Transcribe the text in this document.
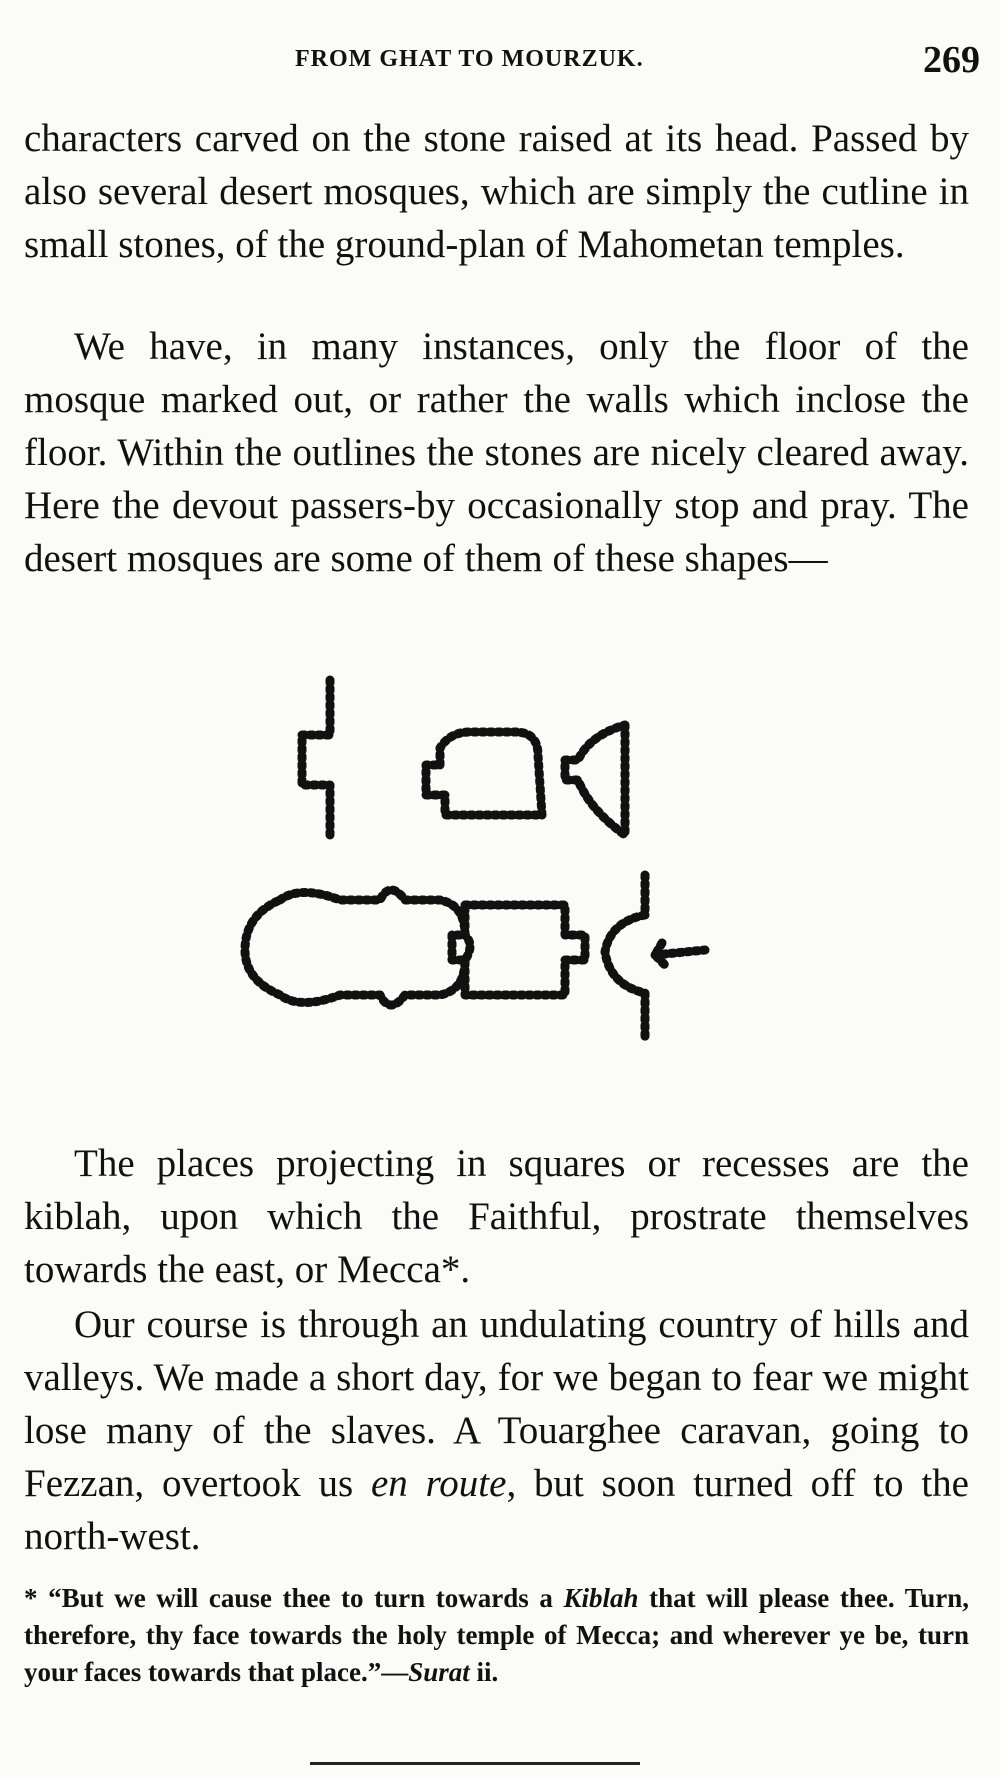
FROM GHAT TO MOURZUK.	269

characters carved on the stone raised at its head. Passed by also several desert mosques, which are simply the cutline in small stones, of the ground-plan of Mahometan temples.

We have, in many instances, only the floor of the mosque marked out, or rather the walls which inclose the floor. Within the outlines the stones are nicely cleared away. Here the devout passers-by occasionally stop and pray. The desert mosques are some of them of these shapes—

The places projecting in squares or recesses are the kiblah, upon which the Faithful, prostrate themselves towards the east, or Mecca*.

Our course is through an undulating country of hills and valleys. We made a short day, for we began to fear we might lose many of the slaves. A Touarghee caravan, going to Fezzan, overtook us en route, but soon turned off to the north-west.

* “But we will cause thee to turn towards a Kiblah that will please thee. Turn, therefore, thy face towards the holy temple of Mecca; and wherever ye be, turn your faces towards that place.”—Surat ii.
